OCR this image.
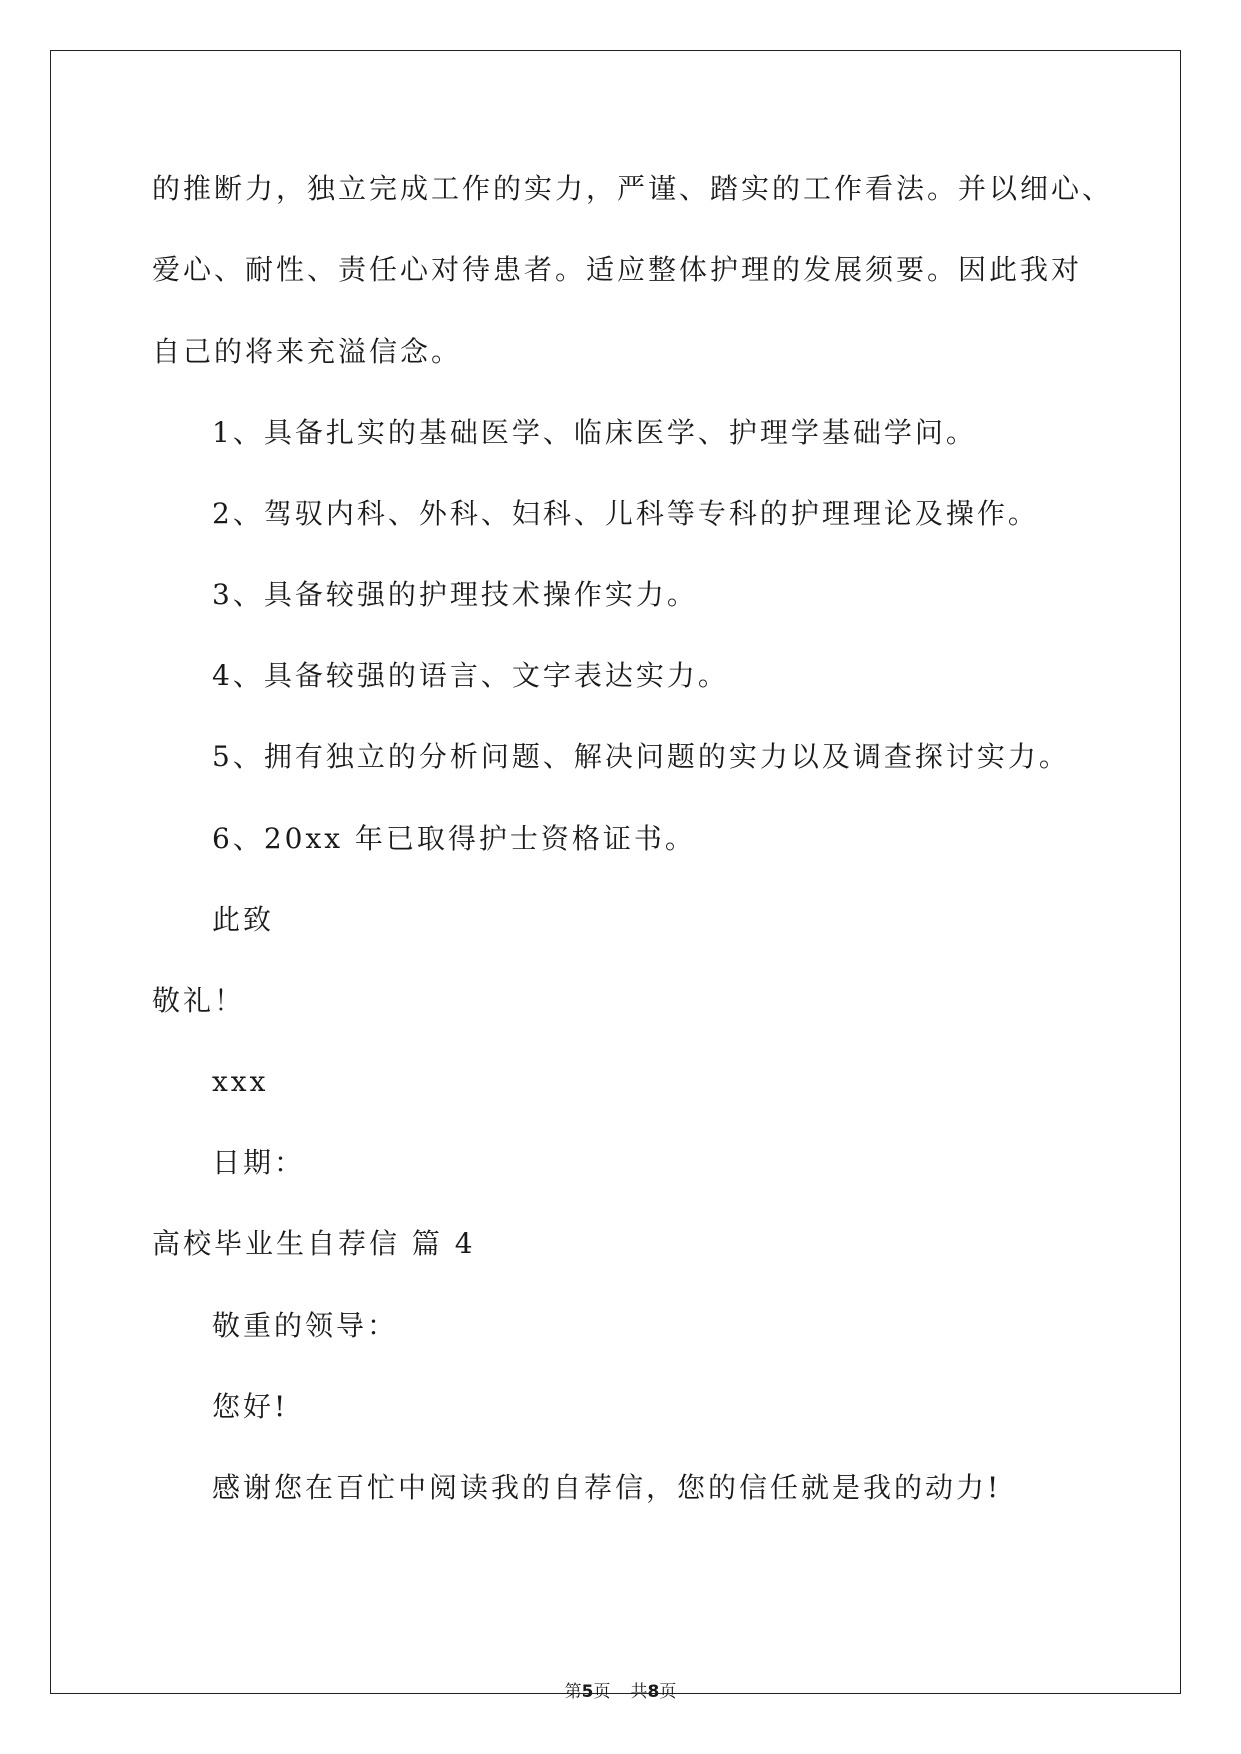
的推断力，独立完成工作的实力，严谨、踏实的工作看法。并以细心、
爱心、耐性、责任心对待患者。适应整体护理的发展须要。因此我对
自己的将来充溢信念。
1、具备扎实的基础医学、临床医学、护理学基础学问。
2、驾驭内科、外科、妇科、儿科等专科的护理理论及操作。
3、具备较强的护理技术操作实力。
4、具备较强的语言、文字表达实力。
5、拥有独立的分析问题、解决问题的实力以及调查探讨实力。
6、20xx 年已取得护士资格证书。
此致
敬礼！
xxx
日期：
高校毕业生自荐信 篇 4
敬重的领导：
您好!
感谢您在百忙中阅读我的自荐信，您的信任就是我的动力!
第5页 共8页
